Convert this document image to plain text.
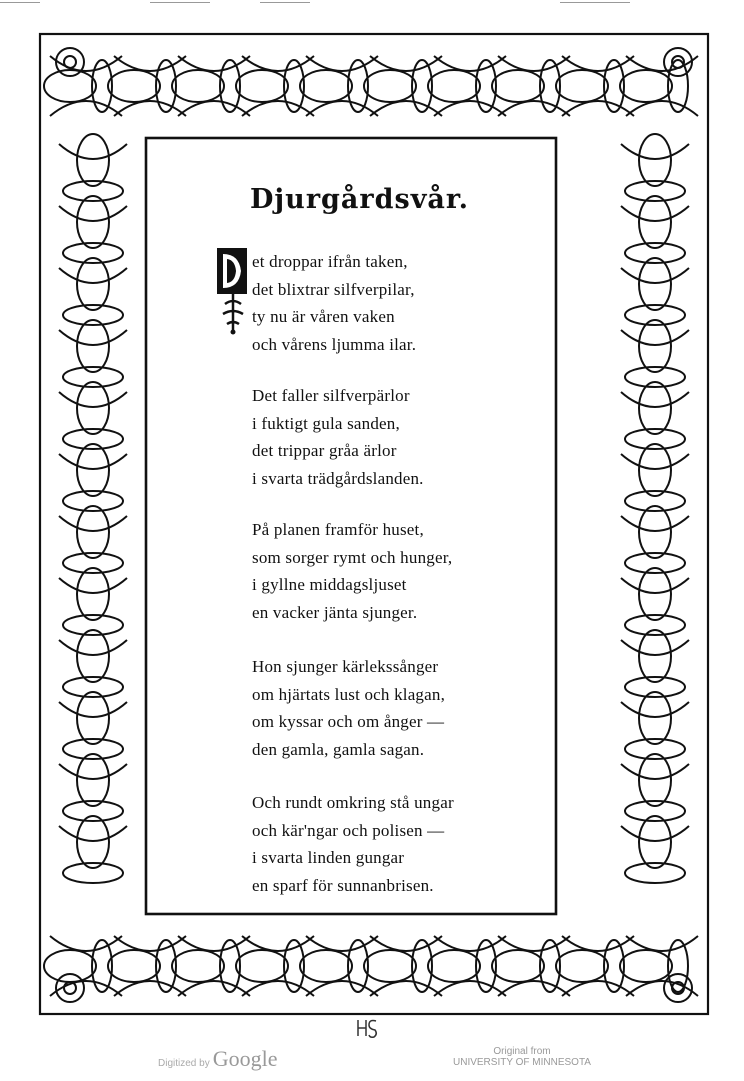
Djurgårdsvår.
D
et droppar ifrån taken,
det blixtrar silfverpilar,
ty nu är våren vaken
och vårens ljumma ilar.
Det faller silfverpärlor
i fuktigt gula sanden,
det trippar gråa ärlor
i svarta trädgårdslanden.
På planen framför huset,
som sorger rymt och hunger,
i gyllne middagsljuset
en vacker jänta sjunger.
Hon sjunger kärlekssånger
om hjärtats lust och klagan,
om kyssar och om ånger —
den gamla, gamla sagan.
Och rundt omkring stå ungar
och kär'ngar och polisen —
i svarta linden gungar
en sparf för sunnanbrisen.
Digitized by Google	Original from
UNIVERSITY OF MINNESOTA
